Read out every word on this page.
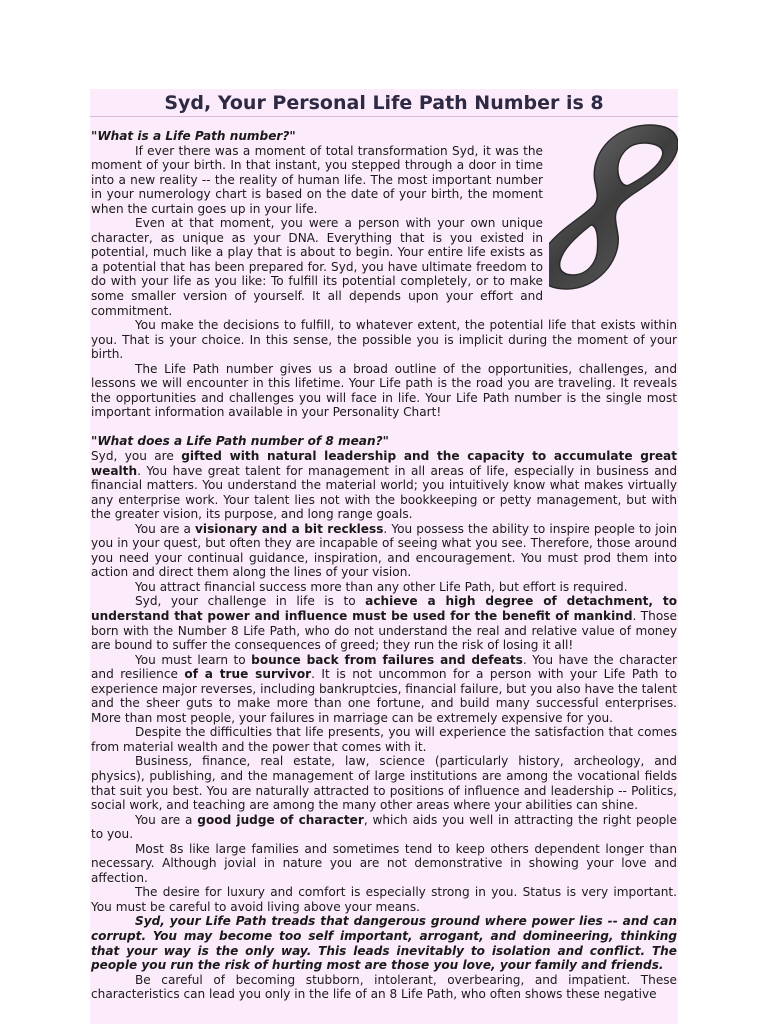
Syd, Your Personal Life Path Number is 8

"What is a Life Path number?"

If ever there was a moment of total transformation Syd, it was the moment of your birth. In that instant, you stepped through a door in time into a new reality -- the reality of human life. The most important number in your numerology chart is based on the date of your birth, the moment when the curtain goes up in your life.

Even at that moment, you were a person with your own unique character, as unique as your DNA. Everything that is you existed in potential, much like a play that is about to begin. Your entire life exists as a potential that has been prepared for. Syd, you have ultimate freedom to do with your life as you like: To fulfill its potential completely, or to make some smaller version of yourself. It all depends upon your effort and commitment.

You make the decisions to fulfill, to whatever extent, the potential life that exists within you. That is your choice. In this sense, the possible you is implicit during the moment of your birth.

The Life Path number gives us a broad outline of the opportunities, challenges, and lessons we will encounter in this lifetime. Your Life path is the road you are traveling. It reveals the opportunities and challenges you will face in life. Your Life Path number is the single most important information available in your Personality Chart!

"What does a Life Path number of 8 mean?"

Syd, you are gifted with natural leadership and the capacity to accumulate great wealth. You have great talent for management in all areas of life, especially in business and financial matters. You understand the material world; you intuitively know what makes virtually any enterprise work. Your talent lies not with the bookkeeping or petty management, but with the greater vision, its purpose, and long range goals.

You are a visionary and a bit reckless. You possess the ability to inspire people to join you in your quest, but often they are incapable of seeing what you see. Therefore, those around you need your continual guidance, inspiration, and encouragement. You must prod them into action and direct them along the lines of your vision.

You attract financial success more than any other Life Path, but effort is required.

Syd, your challenge in life is to achieve a high degree of detachment, to understand that power and influence must be used for the benefit of mankind. Those born with the Number 8 Life Path, who do not understand the real and relative value of money are bound to suffer the consequences of greed; they run the risk of losing it all!

You must learn to bounce back from failures and defeats. You have the character and resilience of a true survivor. It is not uncommon for a person with your Life Path to experience major reverses, including bankruptcies, financial failure, but you also have the talent and the sheer guts to make more than one fortune, and build many successful enterprises. More than most people, your failures in marriage can be extremely expensive for you.

Despite the difficulties that life presents, you will experience the satisfaction that comes from material wealth and the power that comes with it.

Business, finance, real estate, law, science (particularly history, archeology, and physics), publishing, and the management of large institutions are among the vocational fields that suit you best. You are naturally attracted to positions of influence and leadership -- Politics, social work, and teaching are among the many other areas where your abilities can shine.

You are a good judge of character, which aids you well in attracting the right people to you.

Most 8s like large families and sometimes tend to keep others dependent longer than necessary. Although jovial in nature you are not demonstrative in showing your love and affection.

The desire for luxury and comfort is especially strong in you. Status is very important. You must be careful to avoid living above your means.

Syd, your Life Path treads that dangerous ground where power lies -- and can corrupt. You may become too self important, arrogant, and domineering, thinking that your way is the only way. This leads inevitably to isolation and conflict. The people you run the risk of hurting most are those you love, your family and friends.

Be careful of becoming stubborn, intolerant, overbearing, and impatient. These characteristics can lead you only in the life of an 8 Life Path, who often shows these negative
